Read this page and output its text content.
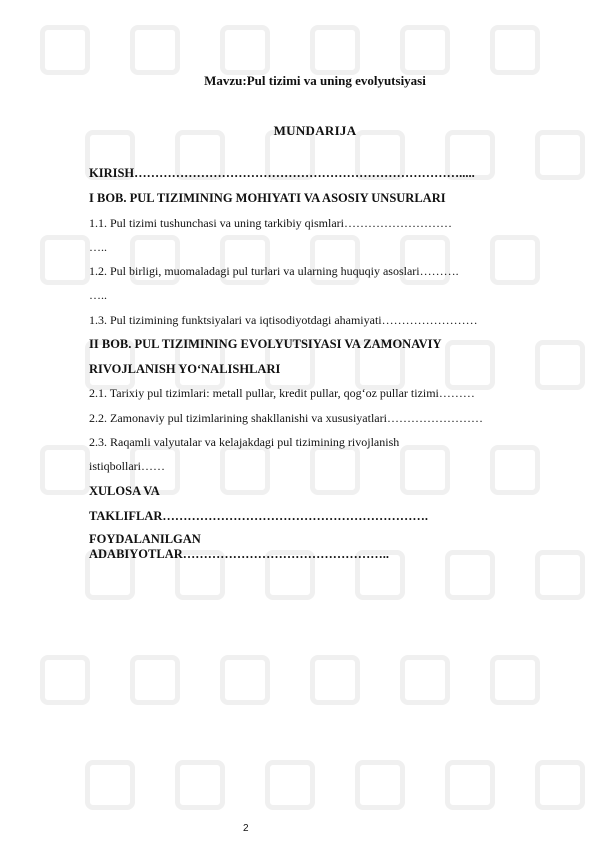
Mavzu:Pul tizimi va uning evolyutsiyasi
MUNDARIJA
KIRISH…………………………………………………………………….....
I BOB. PUL TIZIMINING MOHIYATI VA ASOSIY UNSURLARI
1.1. Pul tizimi tushunchasi va uning tarkibiy qismlari………………………
…..
1.2. Pul birligi, muomaladagi pul turlari va ularning huquqiy asoslari……….
…..
1.3. Pul tizimining funktsiyalari va iqtisodiyotdagi ahamiyati……………………
II BOB. PUL TIZIMINING EVOLYUTSIYASI VA ZAMONAVIY
RIVOJLANISH YO‘NALISHLARI
2.1. Tarixiy pul tizimlari: metall pullar, kredit pullar, qog‘oz pullar tizimi………
2.2. Zamonaviy pul tizimlarining shakllanishi va xususiyatlari……………………
2.3. Raqamli valyutalar va kelajakdagi pul tizimining rivojlanish
istiqbollari……
XULOSA VA
TAKLIFLAR……………………………………………………….
FOYDALANILGAN
ADABIYOTLAR…………………………………………..
2
